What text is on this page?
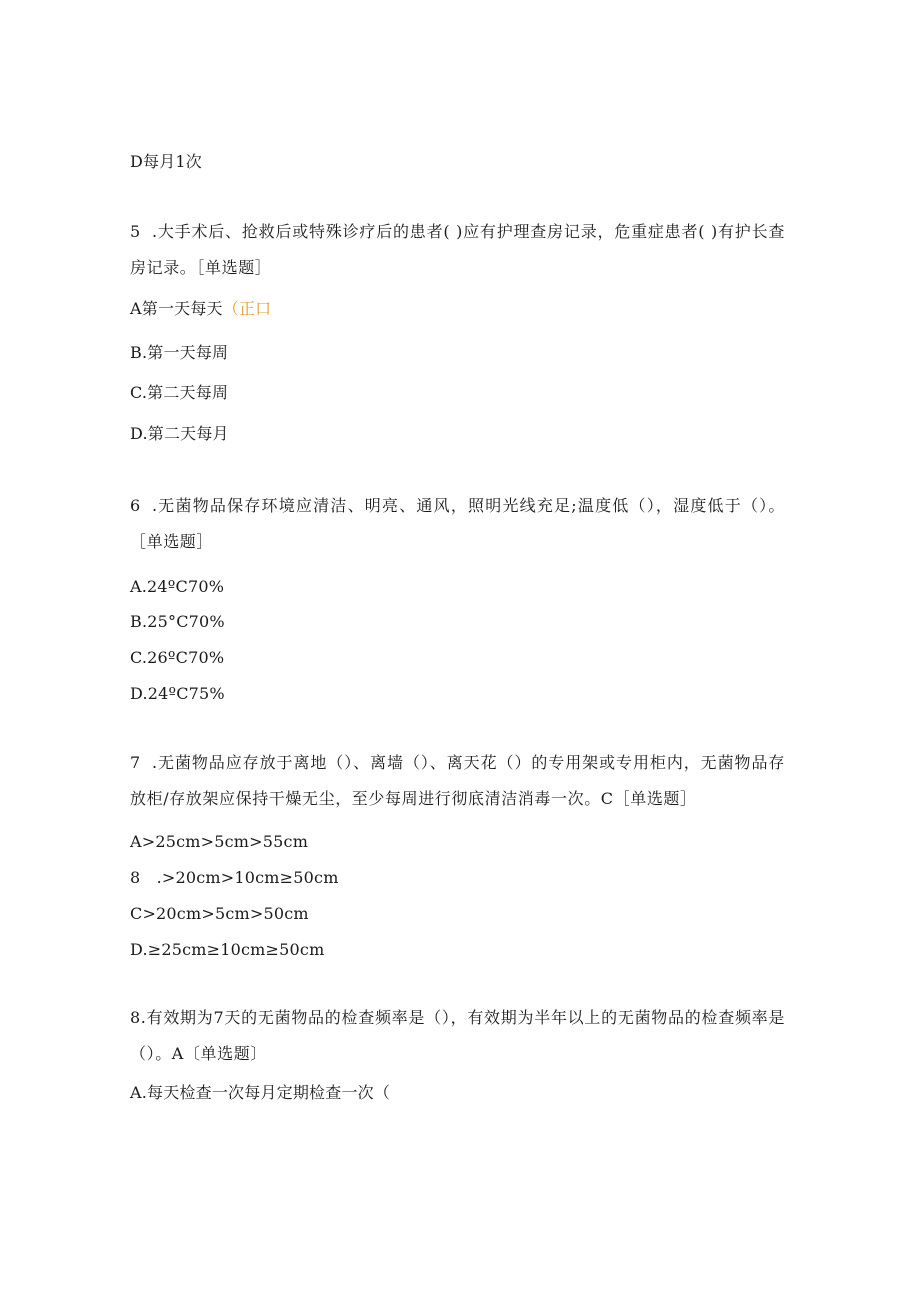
D每月1次
5 .大手术后、抢救后或特殊诊疗后的患者( )应有护理查房记录，危重症患者( )有护长查房记录。［单选题］
A第一天每天（正口
B.第一天每周
C.第二天每周
D.第二天每月
6 .无菌物品保存环境应清洁、明亮、通风，照明光线充足;温度低（），湿度低于（）。［单选题］
A.24ºC70%
B.25°C70%
C.26ºC70%
D.24ºC75%
7 .无菌物品应存放于离地（）、离墙（）、离天花（）的专用架或专用柜内，无菌物品存放柜/存放架应保持干燥无尘，至少每周进行彻底清洁消毒一次。C［单选题］
A>25cm>5cm>55cm
8　.>20cm>10cm≥50cm
C>20cm>5cm>50cm
D.≥25cm≥10cm≥50cm
8.有效期为7天的无菌物品的检查频率是（），有效期为半年以上的无菌物品的检查频率是（）。A〔单选题〕
A.每天检查一次每月定期检查一次（
